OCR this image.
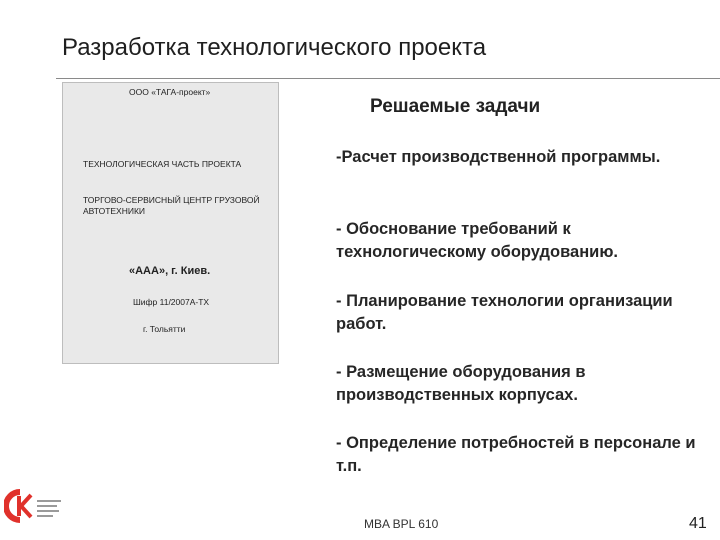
Разработка технологического проекта
ООО «ТАГА-проект»
ТЕХНОЛОГИЧЕСКАЯ ЧАСТЬ ПРОЕКТА
ТОРГОВО-СЕРВИСНЫЙ ЦЕНТР ГРУЗОВОЙ АВТОТЕХНИКИ
«ААА», г. Киев.
Шифр 11/2007А-ТХ
г. Тольятти
Решаемые задачи
-Расчет производственной программы.
- Обоснование требований к технологическому оборудованию.
- Планирование технологии организации работ.
- Размещение оборудования в производственных корпусах.
- Определение потребностей в персонале и т.п.
MBA BPL 610	41
